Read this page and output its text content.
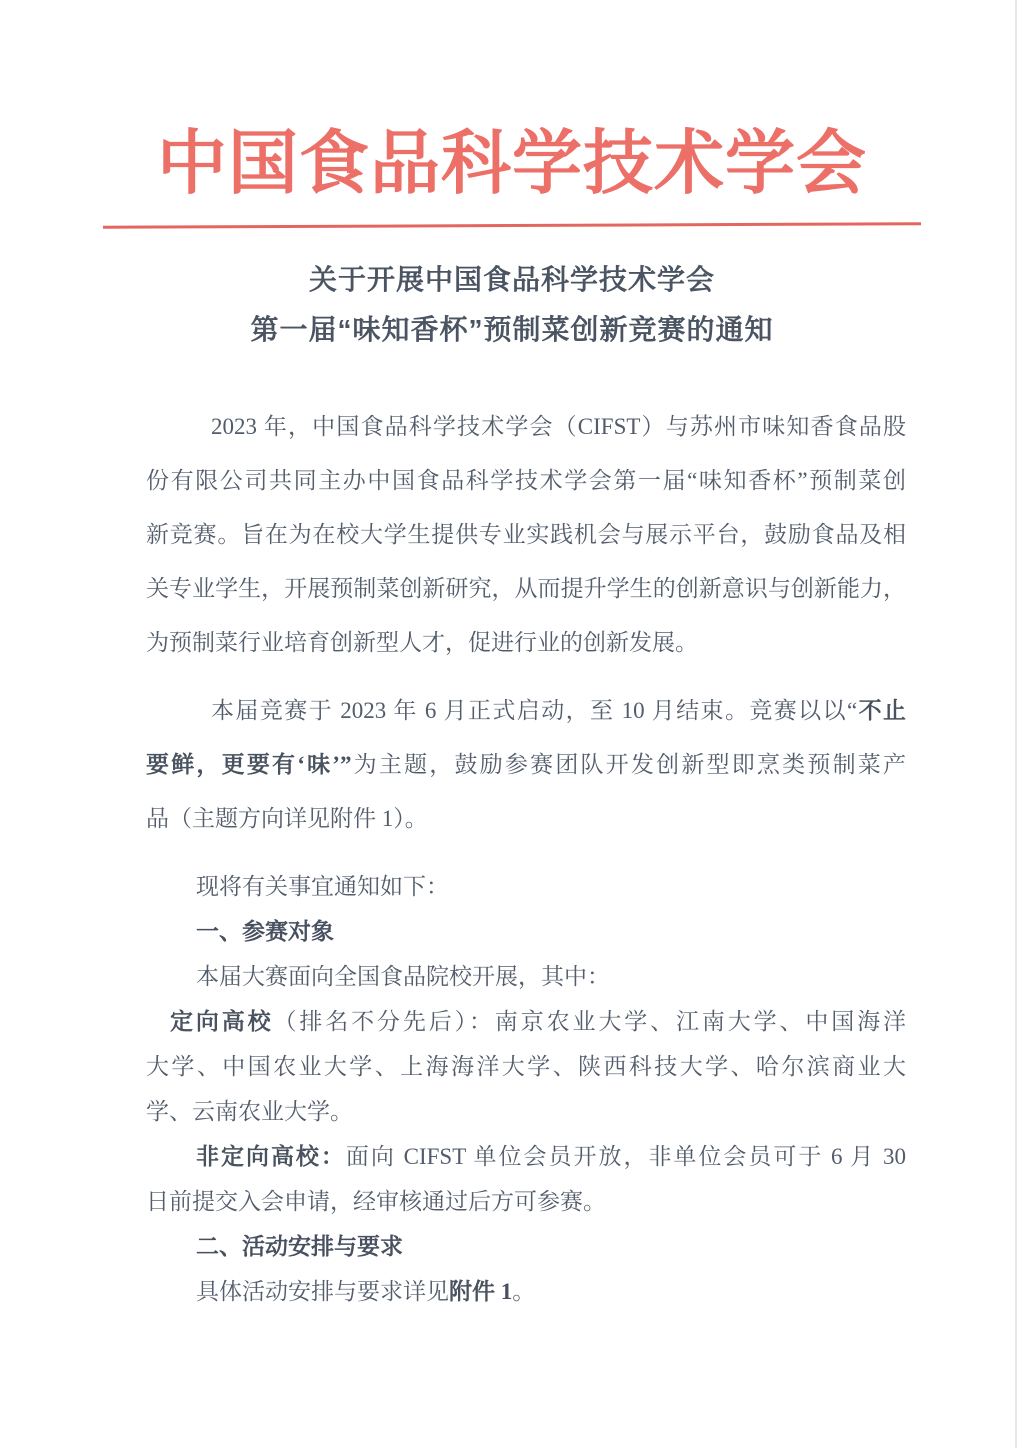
中国食品科学技术学会
关于开展中国食品科学技术学会
第一届“味知香杯”预制菜创新竞赛的通知

2023 年，中国食品科学技术学会（CIFST）与苏州市味知香食品股

份有限公司共同主办中国食品科学技术学会第一届“味知香杯”预制菜创

新竞赛。旨在为在校大学生提供专业实践机会与展示平台，鼓励食品及相

关专业学生，开展预制菜创新研究，从而提升学生的创新意识与创新能力，

为预制菜行业培育创新型人才，促进行业的创新发展。

本届竞赛于 2023 年 6 月正式启动，至 10 月结束。竞赛以以“不止

要鲜，更要有‘味’”为主题，鼓励参赛团队开发创新型即烹类预制菜产

品（主题方向详见附件 1）。

现将有关事宜通知如下：

一、参赛对象

本届大赛面向全国食品院校开展，其中：

定向高校（排名不分先后）：南京农业大学、江南大学、中国海洋

大学、中国农业大学、上海海洋大学、陕西科技大学、哈尔滨商业大

学、云南农业大学。

非定向高校：面向 CIFST 单位会员开放，非单位会员可于 6 月 30

日前提交入会申请，经审核通过后方可参赛。

二、活动安排与要求

具体活动安排与要求详见附件 1。
